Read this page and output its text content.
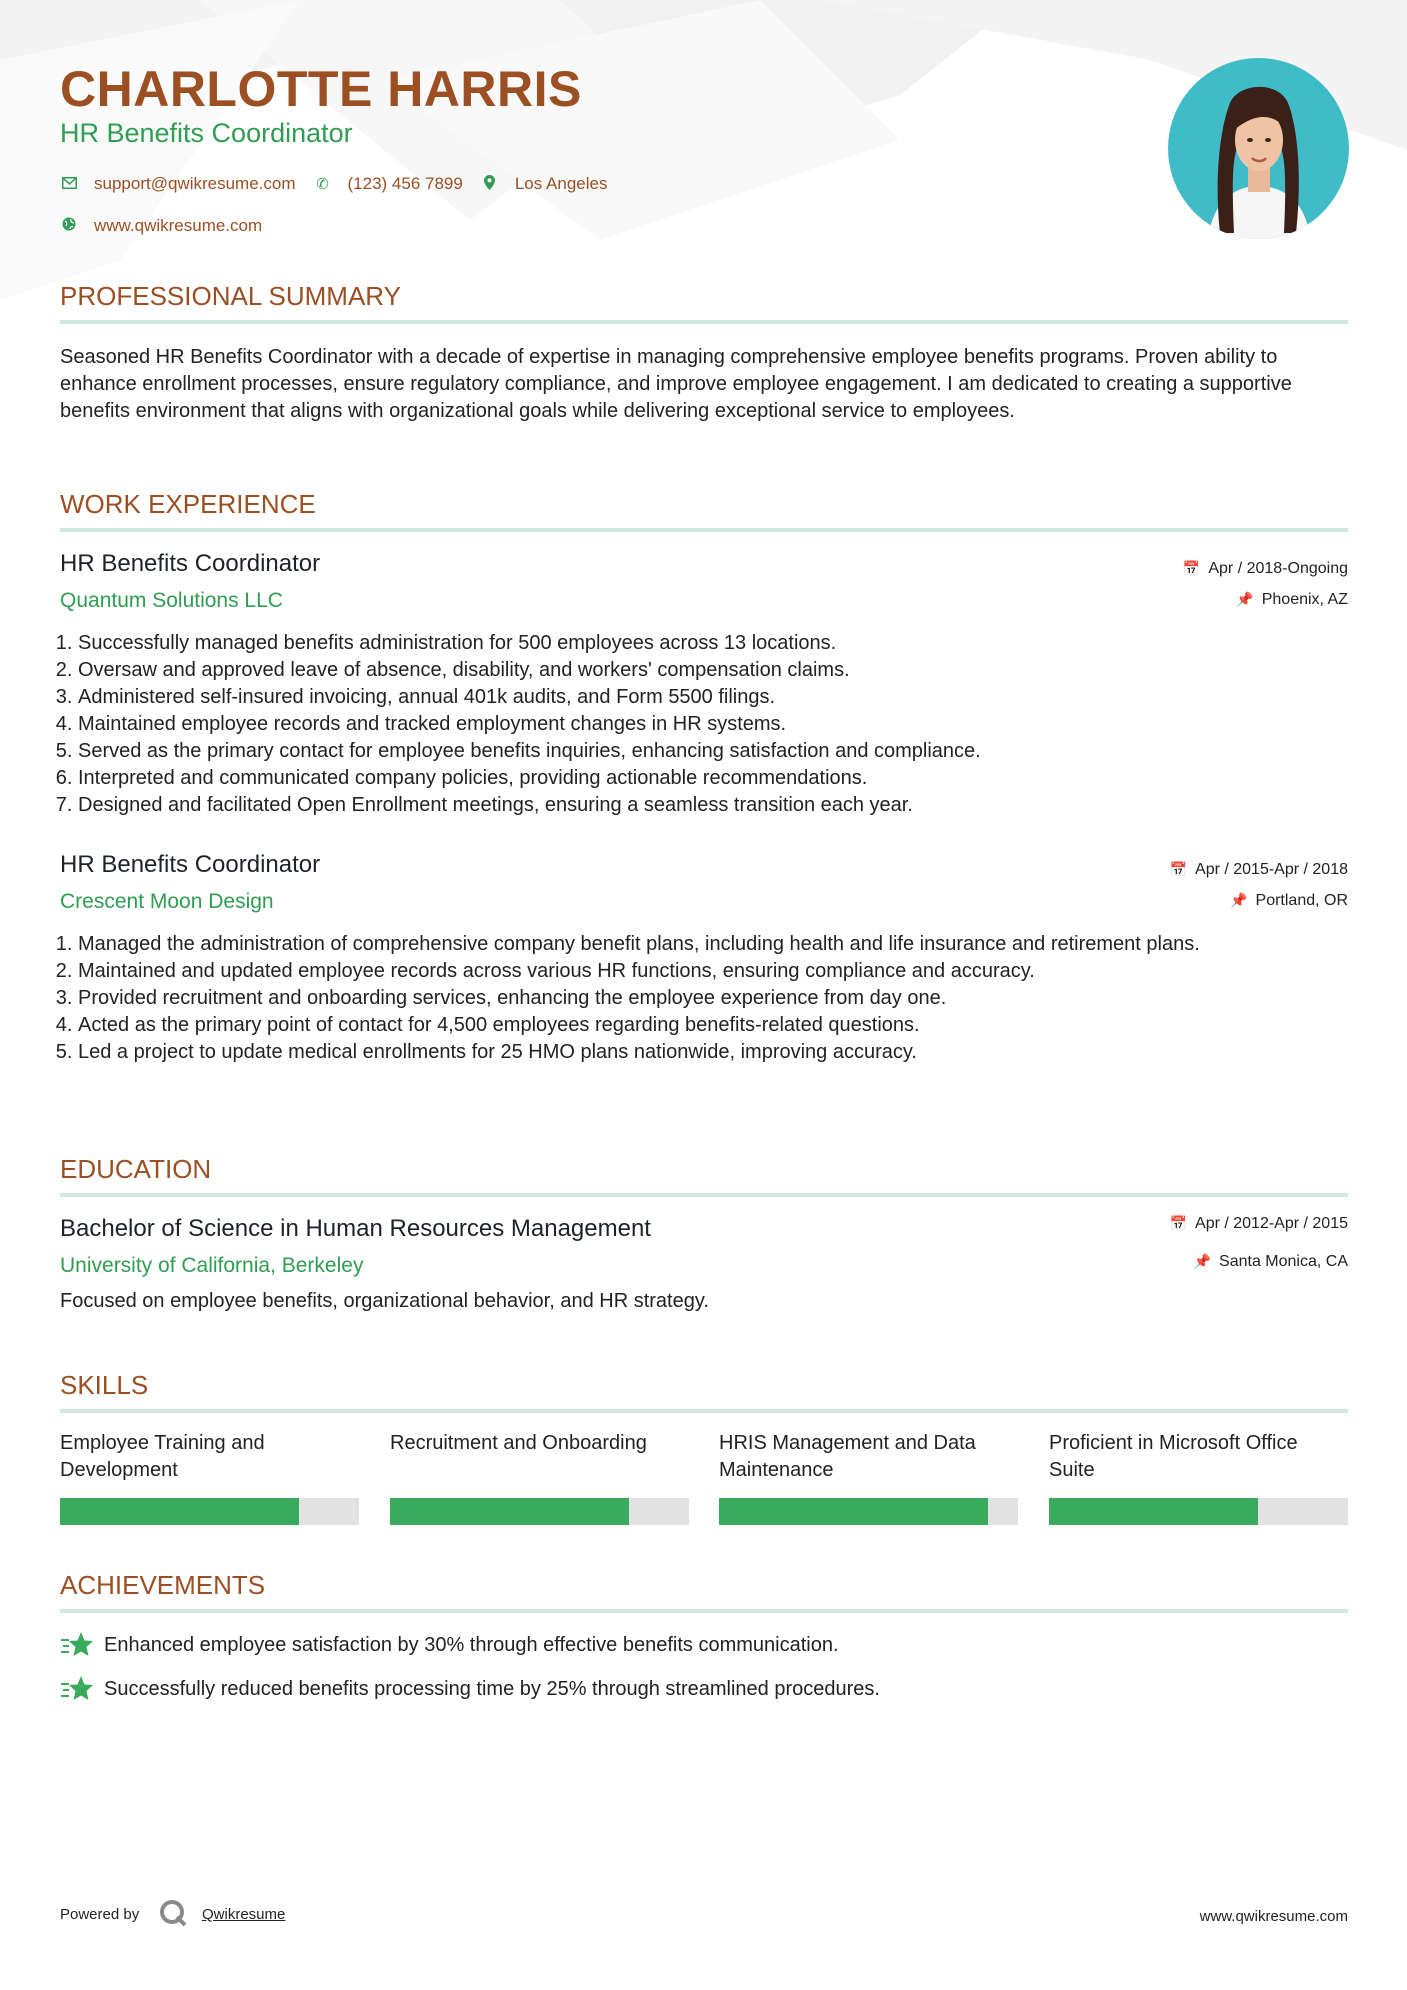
CHARLOTTE HARRIS
HR Benefits Coordinator
support@qwikresume.com ✆ (123) 456 7899	Los Angeles
www.qwikresume.com
PROFESSIONAL SUMMARY
Seasoned HR Benefits Coordinator with a decade of expertise in managing comprehensive employee benefits programs. Proven ability to enhance enrollment processes, ensure regulatory compliance, and improve employee engagement. I am dedicated to creating a supportive benefits environment that aligns with organizational goals while delivering exceptional service to employees.
WORK EXPERIENCE
HR Benefits Coordinator
Quantum Solutions LLC
📅 Apr / 2018-Ongoing
📌 Phoenix, AZ
1. Successfully managed benefits administration for 500 employees across 13 locations.
2. Oversaw and approved leave of absence, disability, and workers' compensation claims.
3. Administered self-insured invoicing, annual 401k audits, and Form 5500 filings.
4. Maintained employee records and tracked employment changes in HR systems.
5. Served as the primary contact for employee benefits inquiries, enhancing satisfaction and compliance.
6. Interpreted and communicated company policies, providing actionable recommendations.
7. Designed and facilitated Open Enrollment meetings, ensuring a seamless transition each year.
HR Benefits Coordinator
Crescent Moon Design
📅 Apr / 2015-Apr / 2018
📌 Portland, OR
1. Managed the administration of comprehensive company benefit plans, including health and life insurance and retirement plans.
2. Maintained and updated employee records across various HR functions, ensuring compliance and accuracy.
3. Provided recruitment and onboarding services, enhancing the employee experience from day one.
4. Acted as the primary point of contact for 4,500 employees regarding benefits-related questions.
5. Led a project to update medical enrollments for 25 HMO plans nationwide, improving accuracy.
EDUCATION
Bachelor of Science in Human Resources Management
University of California, Berkeley
📅 Apr / 2012-Apr / 2015
📌 Santa Monica, CA
Focused on employee benefits, organizational behavior, and HR strategy.
SKILLS
Employee Training and Development
Recruitment and Onboarding	HRIS Management and Data Maintenance
Proficient in Microsoft Office Suite
ACHIEVEMENTS
Enhanced employee satisfaction by 30% through effective benefits communication.
Successfully reduced benefits processing time by 25% through streamlined procedures.
Powered by	Qwikresume	www.qwikresume.com
